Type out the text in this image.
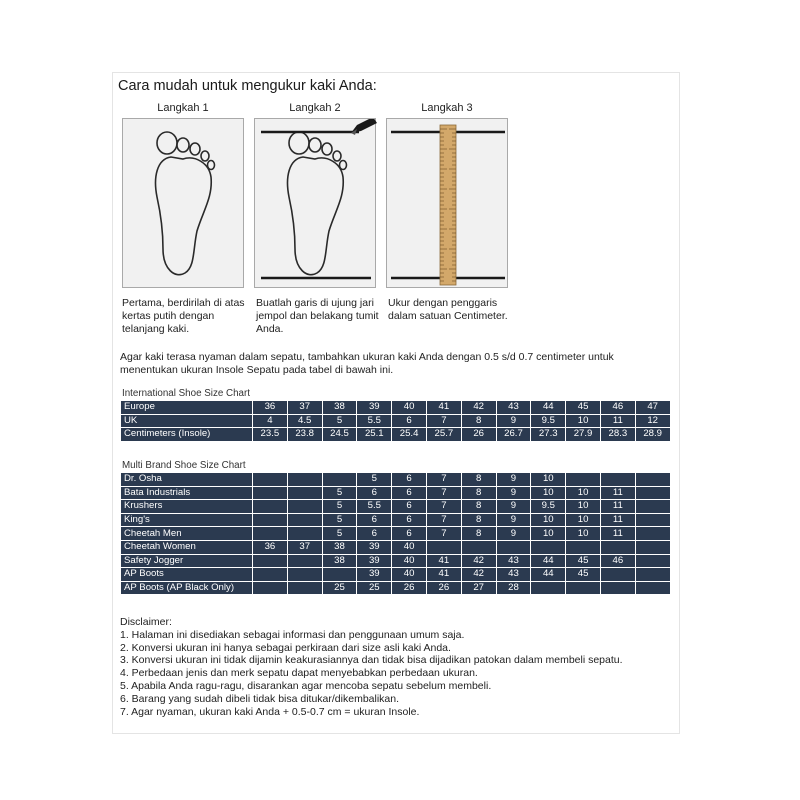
Cara mudah untuk mengukur kaki Anda:
Langkah 1
Pertama, berdirilah di atas kertas putih dengan telanjang kaki.
Langkah 2
Buatlah garis di ujung jari jempol dan belakang tumit Anda.
Langkah 3
Ukur dengan penggaris dalam satuan Centimeter.
Agar kaki terasa nyaman dalam sepatu, tambahkan ukuran kaki Anda dengan 0.5 s/d 0.7 centimeter untuk menentukan ukuran Insole Sepatu pada tabel di bawah ini.
International Shoe Size Chart
Europe	36	37	38	39	40	41	42	43	44	45	46	47
UK	4	4.5	5	5.5	6	7	8	9	9.5	10	11	12
Centimeters (Insole)	23.5	23.8	24.5	25.1	25.4	25.7	26	26.7	27.3	27.9	28.3	28.9
Multi Brand Shoe Size Chart
Dr. Osha				5	6	7	8	9	10			
Bata Industrials			5	6	6	7	8	9	10	10	11	
Krushers			5	5.5	6	7	8	9	9.5	10	11	
King's			5	6	6	7	8	9	10	10	11	
Cheetah Men			5	6	6	7	8	9	10	10	11	
Cheetah Women	36	37	38	39	40							
Safety Jogger			38	39	40	41	42	43	44	45	46	
AP Boots				39	40	41	42	43	44	45		
AP Boots (AP Black Only)			25	25	26	26	27	28				
Disclaimer:
1. Halaman ini disediakan sebagai informasi dan penggunaan umum saja.
2. Konversi ukuran ini hanya sebagai perkiraan dari size asli kaki Anda.
3. Konversi ukuran ini tidak dijamin keakurasiannya dan tidak bisa dijadikan patokan dalam membeli sepatu.
4. Perbedaan jenis dan merk sepatu dapat menyebabkan perbedaan ukuran.
5. Apabila Anda ragu-ragu, disarankan agar mencoba sepatu sebelum membeli.
6. Barang yang sudah dibeli tidak bisa ditukar/dikembalikan.
7. Agar nyaman, ukuran kaki Anda + 0.5-0.7 cm = ukuran Insole.
